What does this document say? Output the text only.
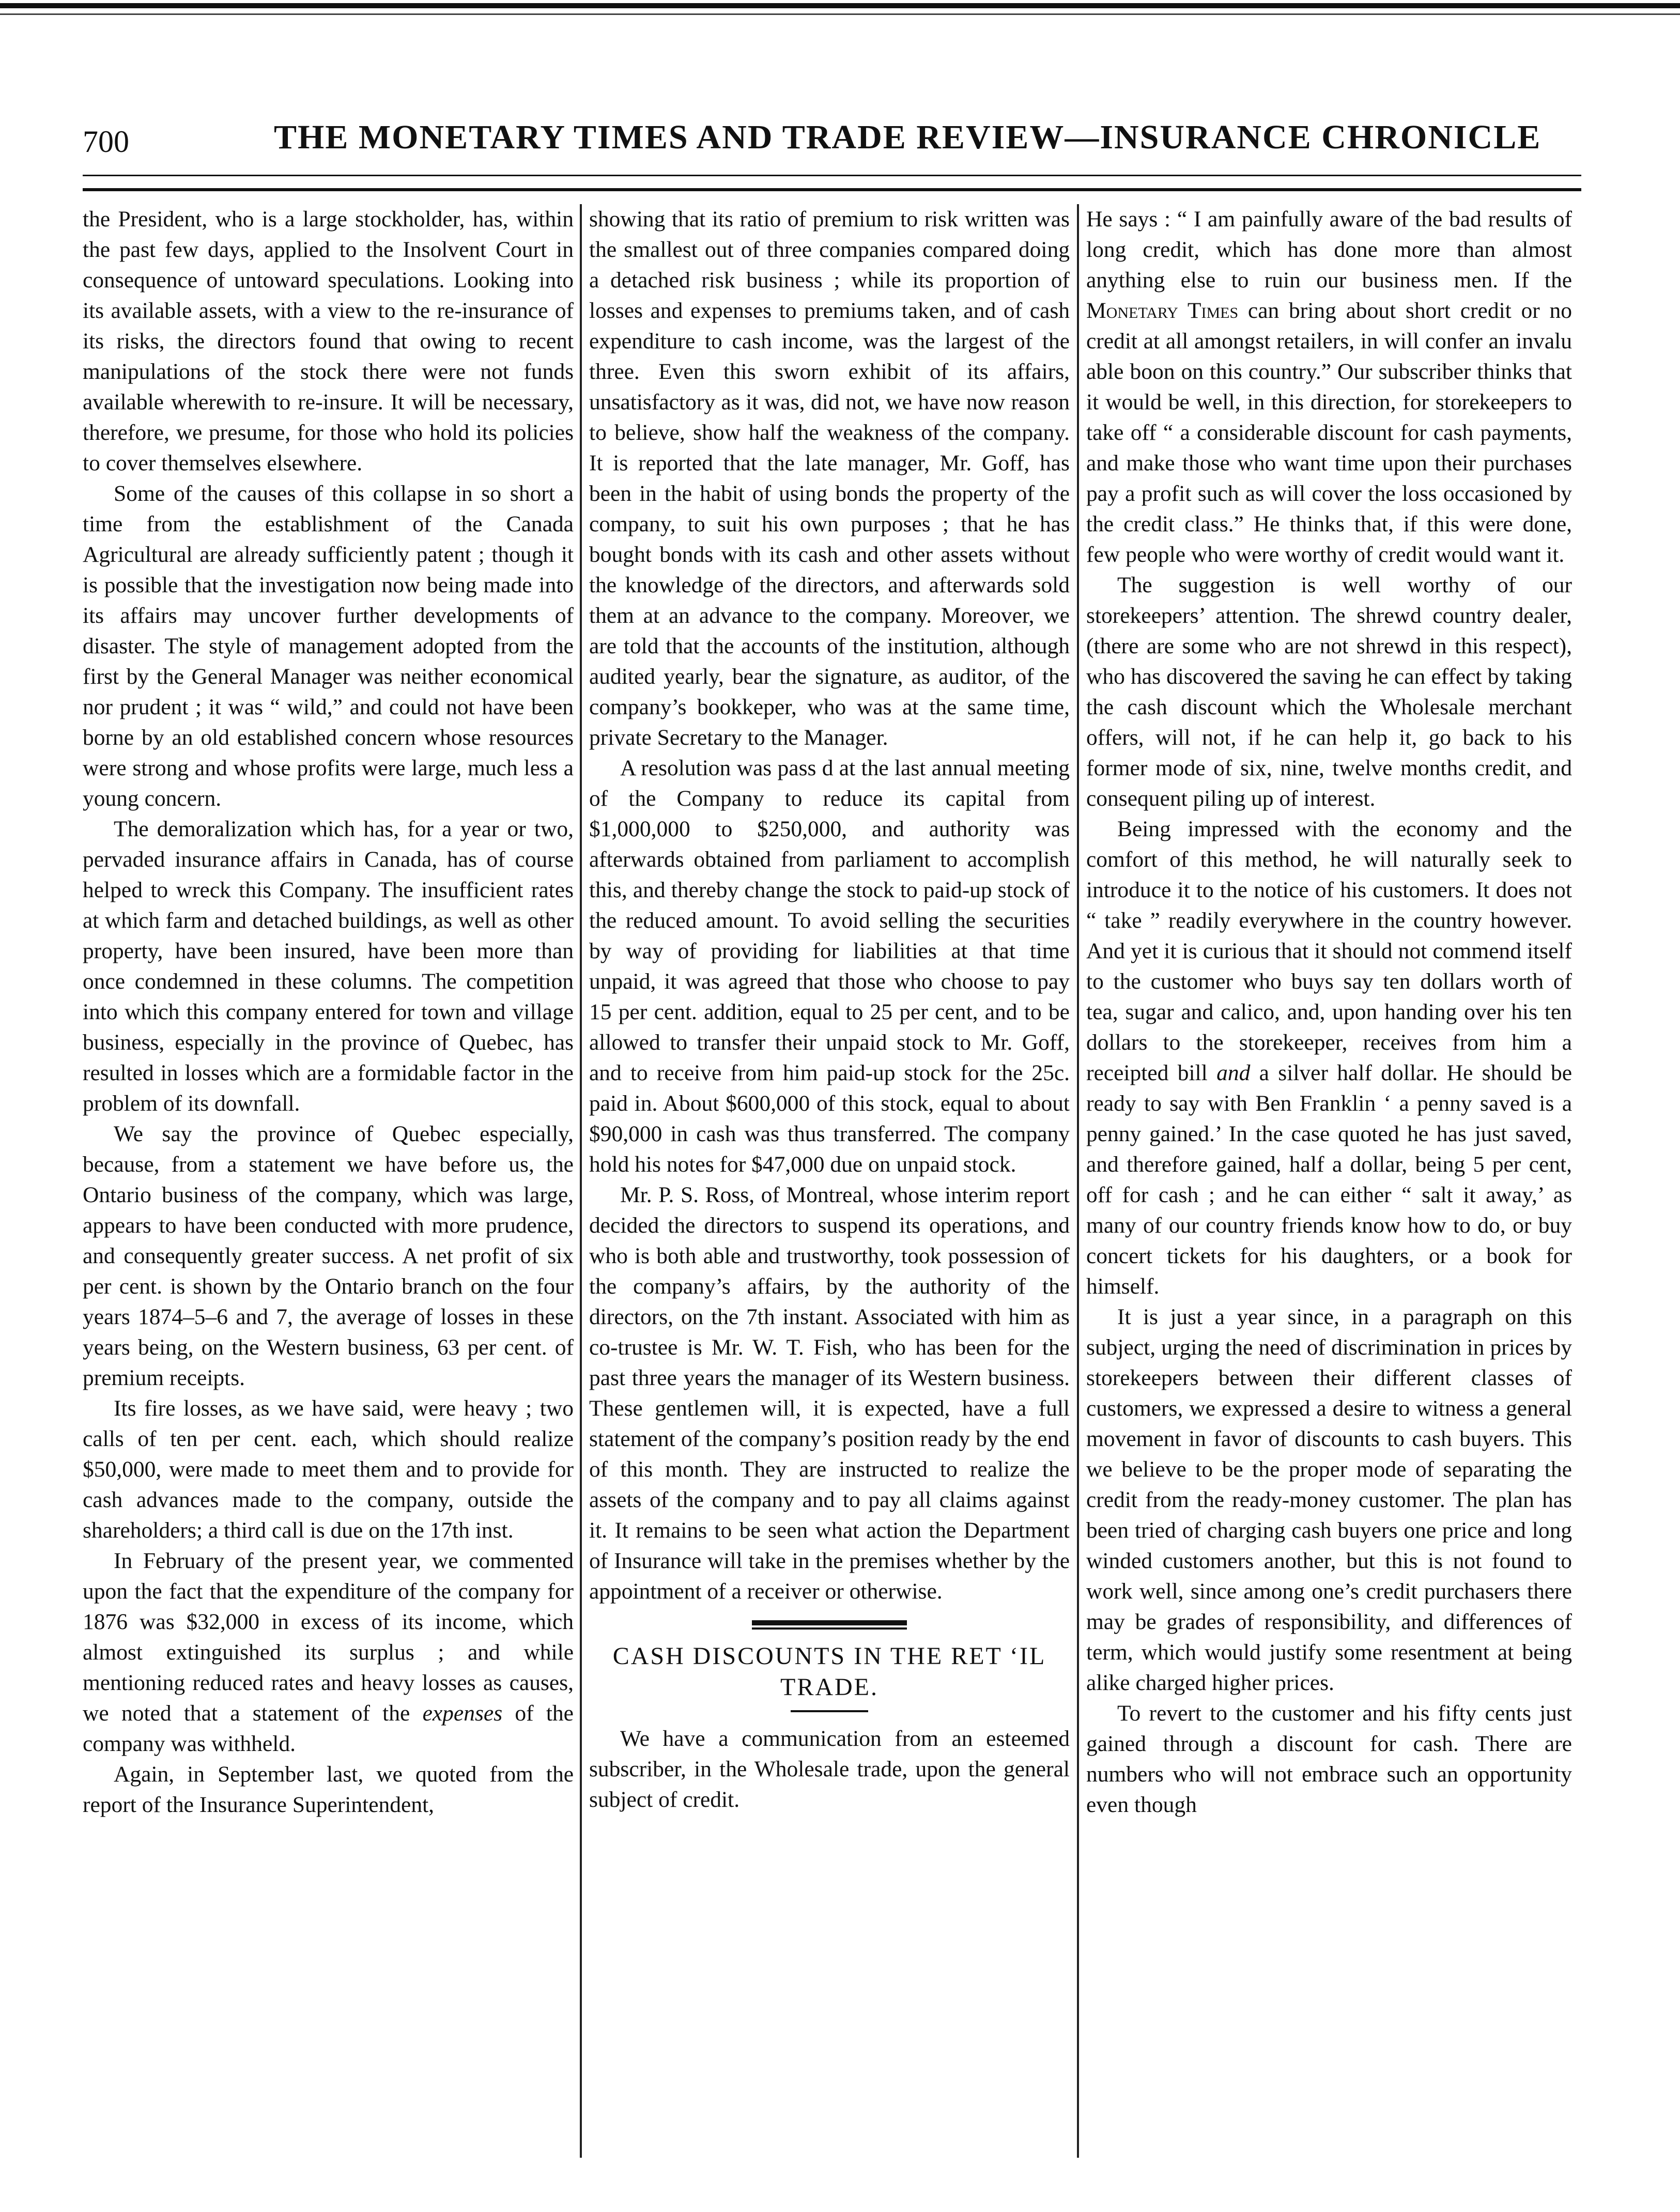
700	THE MONETARY TIMES AND TRADE REVIEW—INSURANCE CHRONICLE

the President, who is a large stockholder, has, within the past few days, applied to the Insolvent Court in consequence of untoward speculations. Looking into its available assets, with a view to the re-insurance of its risks, the directors found that owing to recent manipulations of the stock there were not funds available wherewith to re-insure. It will be necessary, therefore, we presume, for those who hold its policies to cover themselves elsewhere.

Some of the causes of this collapse in so short a time from the establishment of the Canada Agricultural are already sufficiently patent ; though it is possible that the investigation now being made into its affairs may uncover further developments of disaster. The style of management adopted from the first by the General Manager was neither economical nor prudent ; it was “ wild,” and could not have been borne by an old established concern whose resources were strong and whose profits were large, much less a young concern.

The demoralization which has, for a year or two, pervaded insurance affairs in Canada, has of course helped to wreck this Company. The insufficient rates at which farm and detached buildings, as well as other property, have been insured, have been more than once condemned in these columns. The competition into which this company entered for town and village business, especially in the province of Quebec, has resulted in losses which are a formidable factor in the problem of its downfall.

We say the province of Quebec especially, because, from a statement we have before us, the Ontario business of the company, which was large, appears to have been conducted with more prudence, and consequently greater success. A net profit of six per cent. is shown by the Ontario branch on the four years 1874–5–6 and 7, the average of losses in these years being, on the Western business, 63 per cent. of premium receipts.

Its fire losses, as we have said, were heavy ; two calls of ten per cent. each, which should realize $50,000, were made to meet them and to provide for cash advances made to the company, outside the shareholders; a third call is due on the 17th inst.

In February of the present year, we commented upon the fact that the expenditure of the company for 1876 was $32,000 in excess of its income, which almost extinguished its surplus ; and while mentioning reduced rates and heavy losses as causes, we noted that a statement of the expenses of the company was withheld.

Again, in September last, we quoted from the report of the Insurance Superintendent,

showing that its ratio of premium to risk written was the smallest out of three companies compared doing a detached risk business ; while its proportion of losses and expenses to premiums taken, and of cash expenditure to cash income, was the largest of the three. Even this sworn exhibit of its affairs, unsatisfactory as it was, did not, we have now reason to believe, show half the weakness of the company. It is reported that the late manager, Mr. Goff, has been in the habit of using bonds the property of the company, to suit his own purposes ; that he has bought bonds with its cash and other assets without the knowledge of the directors, and afterwards sold them at an advance to the company. Moreover, we are told that the accounts of the institution, although audited yearly, bear the signature, as auditor, of the company’s bookkeper, who was at the same time, private Secretary to the Manager.

A resolution was pass d at the last annual meeting of the Company to reduce its capital from $1,000,000 to $250,000, and authority was afterwards obtained from parliament to accomplish this, and thereby change the stock to paid-up stock of the reduced amount. To avoid selling the securities by way of providing for liabilities at that time unpaid, it was agreed that those who choose to pay 15 per cent. addition, equal to 25 per cent, and to be allowed to transfer their unpaid stock to Mr. Goff, and to receive from him paid-up stock for the 25c. paid in. About $600,000 of this stock, equal to about $90,000 in cash was thus transferred. The company hold his notes for $47,000 due on unpaid stock.

Mr. P. S. Ross, of Montreal, whose interim report decided the directors to suspend its operations, and who is both able and trustworthy, took possession of the company’s affairs, by the authority of the directors, on the 7th instant. Associated with him as co-trustee is Mr. W. T. Fish, who has been for the past three years the manager of its Western business. These gentlemen will, it is expected, have a full statement of the company’s position ready by the end of this month. They are instructed to realize the assets of the company and to pay all claims against it. It remains to be seen what action the Department of Insurance will take in the premises whether by the appointment of a receiver or otherwise.

CASH DISCOUNTS IN THE RET ‘IL
TRADE.

We have a communication from an esteemed subscriber, in the Wholesale trade, upon the general subject of credit.

He says : “ I am painfully aware of the bad results of long credit, which has done more than almost anything else to ruin our business men. If the Monetary Times can bring about short credit or no credit at all amongst retailers, in will confer an invalu able boon on this country.” Our subscriber thinks that it would be well, in this direction, for storekeepers to take off “ a considerable discount for cash payments, and make those who want time upon their purchases pay a profit such as will cover the loss occasioned by the credit class.” He thinks that, if this were done, few people who were worthy of credit would want it.

The suggestion is well worthy of our storekeepers’ attention. The shrewd country dealer, (there are some who are not shrewd in this respect), who has discovered the saving he can effect by taking the cash discount which the Wholesale merchant offers, will not, if he can help it, go back to his former mode of six, nine, twelve months credit, and consequent piling up of interest.

Being impressed with the economy and the comfort of this method, he will naturally seek to introduce it to the notice of his customers. It does not “ take ” readily everywhere in the country however. And yet it is curious that it should not commend itself to the customer who buys say ten dollars worth of tea, sugar and calico, and, upon handing over his ten dollars to the storekeeper, receives from him a receipted bill and a silver half dollar. He should be ready to say with Ben Franklin ‘ a penny saved is a penny gained.’ In the case quoted he has just saved, and therefore gained, half a dollar, being 5 per cent, off for cash ; and he can either “ salt it away,’ as many of our country friends know how to do, or buy concert tickets for his daughters, or a book for himself.

It is just a year since, in a paragraph on this subject, urging the need of discrimination in prices by storekeepers between their different classes of customers, we expressed a desire to witness a general movement in favor of discounts to cash buyers. This we believe to be the proper mode of separating the credit from the ready-money customer. The plan has been tried of charging cash buyers one price and long winded customers another, but this is not found to work well, since among one’s credit purchasers there may be grades of responsibility, and differences of term, which would justify some resentment at being alike charged higher prices.

To revert to the customer and his fifty cents just gained through a discount for cash. There are numbers who will not embrace such an opportunity even though
